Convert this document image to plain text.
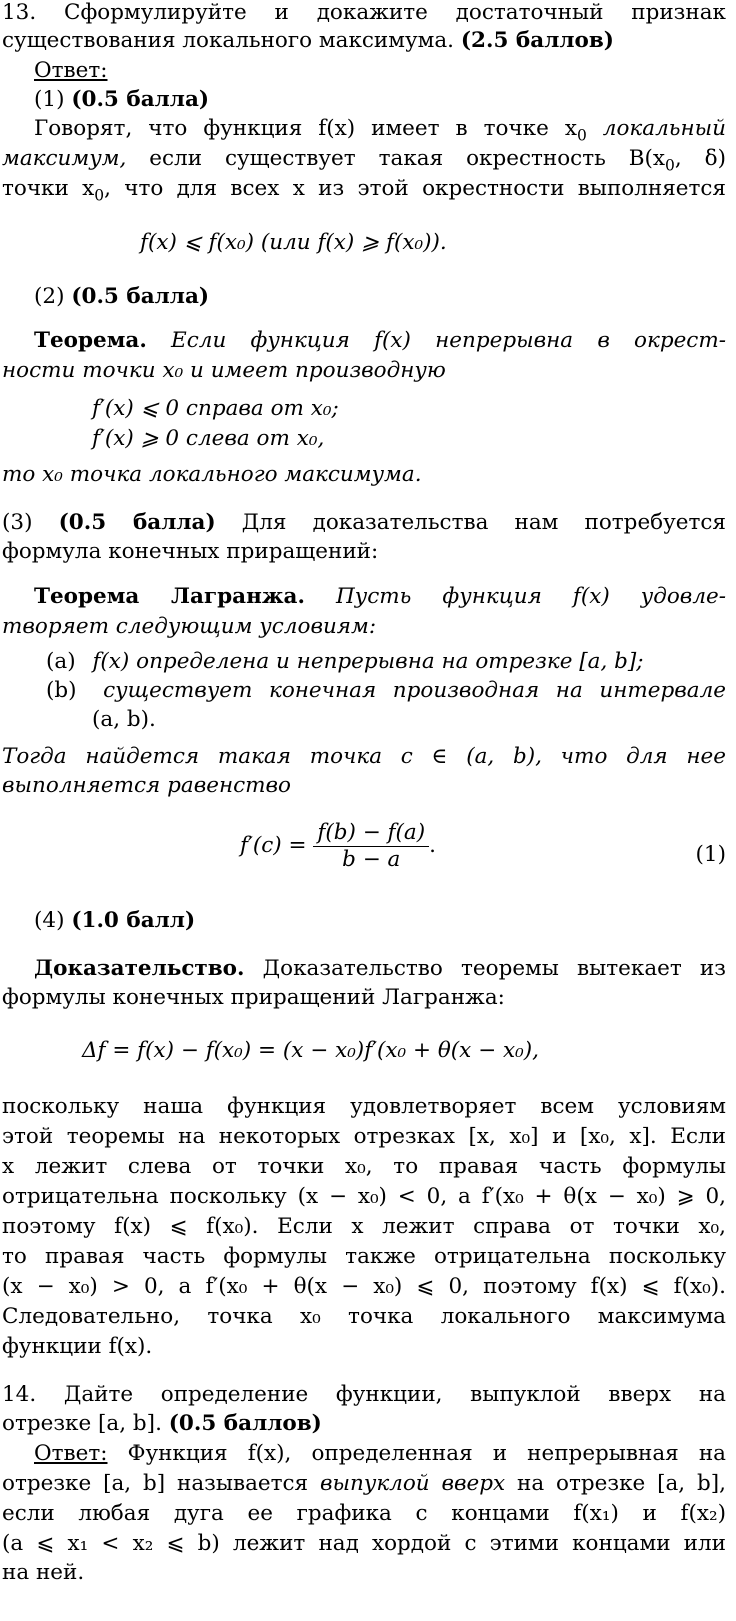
13. Сформулируйте и докажите достаточный признак
существования локального максимума. (2.5 баллов)
Ответ:
(1) (0.5 балла)
Говорят, что функция f(x) имеет в точке $x_0$ локальный
максимум, если существует такая окрестность $B(x_0$, δ)
точки $x_0$, что для всех x из этой окрестности выполняется
f(x) ⩽ f(x₀) (или f(x) ⩾ f(x₀)).
(2) (0.5 балла)
Теорема. Если функция f(x) непрерывна в окрест-
ности точки x₀ и имеет производную
f′(x) ⩽ 0 справа от x₀;
f′(x) ⩾ 0 слева от x₀,
то x₀ точка локального максимума.
(3) (0.5 балла) Для доказательства нам потребуется
формула конечных приращений:
Теорема Лагранжа. Пусть функция f(x) удовле-
творяет следующим условиям:
(a) f(x) определена и непрерывна на отрезке [a, b];
(b) существует конечная производная на интервале
(a, b).
Тогда найдется такая точка c ∈ (a, b), что для нее
выполняется равенство
$f'(c) = \frac{f(b) - f(a)}{b - a}$ .	(1)
(4) (1.0 балл)
Доказательство. Доказательство теоремы вытекает из
формулы конечных приращений Лагранжа:
Δf = f(x) − f(x₀) = (x − x₀)f′(x₀ + θ(x − x₀),
поскольку наша функция удовлетворяет всем условиям
этой теоремы на некоторых отрезках [x, x₀] и [x₀, x]. Если
x лежит слева от точки x₀, то правая часть формулы
отрицательна поскольку (x − x₀) < 0, а f′(x₀ + θ(x − x₀) ⩾ 0,
поэтому f(x) ⩽ f(x₀). Если x лежит справа от точки x₀,
то правая часть формулы также отрицательна поскольку
(x − x₀) > 0, а f′(x₀ + θ(x − x₀) ⩽ 0, поэтому f(x) ⩽ f(x₀).
Следовательно, точка x₀ точка локального максимума
функции f(x).
14. Дайте определение функции, выпуклой вверх на
отрезке [a, b]. (0.5 баллов)
Ответ: Функция f(x), определенная и непрерывная на
отрезке [a, b] называется выпуклой вверх на отрезке [a, b],
если любая дуга ее графика с концами f(x₁) и f(x₂)
(a ⩽ x₁ < x₂ ⩽ b) лежит над хордой с этими концами или
на ней.
